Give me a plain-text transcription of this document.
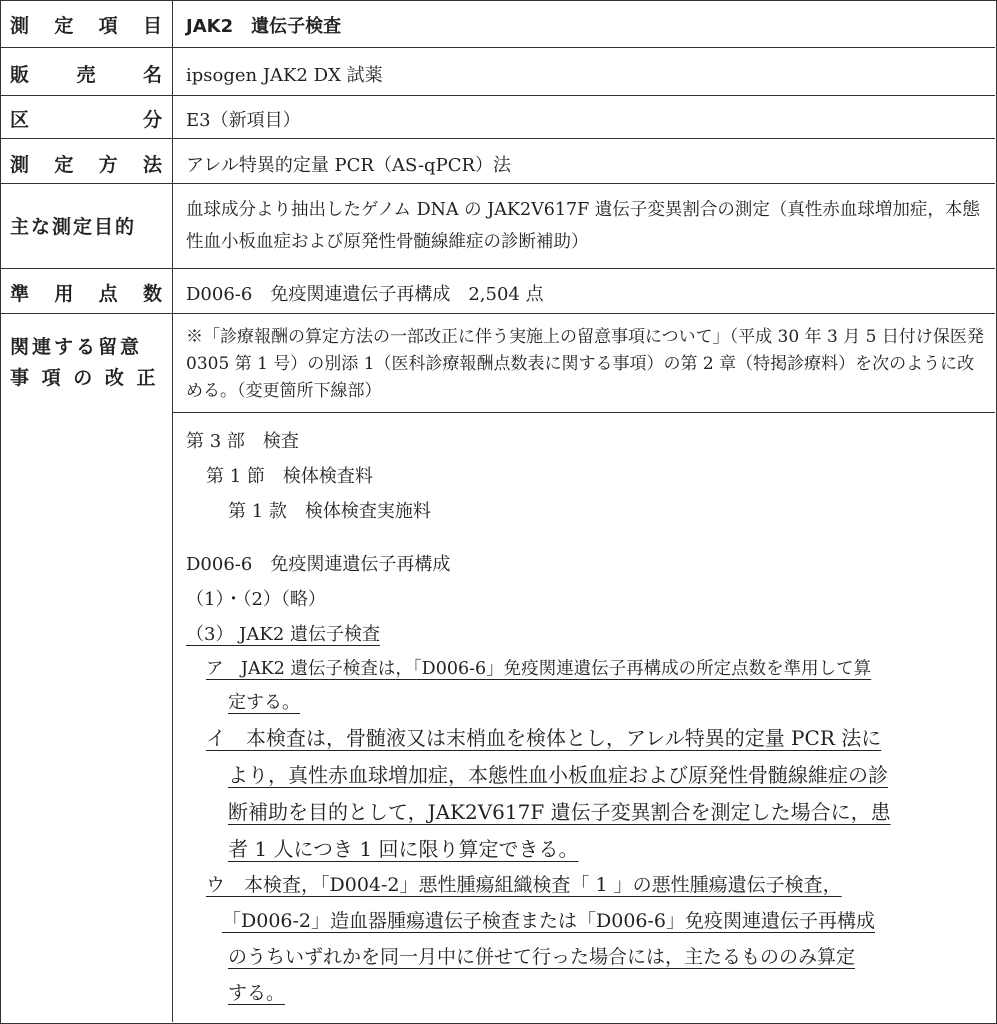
測 定 項 目 JAK2　遺伝子検査
販 売 名 ipsogen JAK2 DX 試薬
区	分 E3（新項目）
測 定 方 法 アレル特異的定量 PCR（AS-qPCR）法
主な測定目的
血球成分より抽出したゲノム DNA の JAK2V617F 遺伝子変異割合の測定（真性赤血球増加症，本態性血小板血症および原発性骨髄線維症の診断補助）
準 用 点 数 D006-6　免疫関連遺伝子再構成　2,504 点
関連する留意
事 項 の 改 正
※「診療報酬の算定方法の一部改正に伴う実施上の留意事項について」（平成 30 年 3 月 5 日付け保医発 0305 第 1 号）の別添 1（医科診療報酬点数表に関する事項）の第 2 章（特掲診療料）を次のように改める。（変更箇所下線部）
第 3 部　検査
第 1 節　検体検査料
第 1 款　検体検査実施料
D006-6　免疫関連遺伝子再構成
（1）・（2）（略）
（3） JAK2 遺伝子検査
ア　JAK2 遺伝子検査は，「D006-6」免疫関連遺伝子再構成の所定点数を準用して算
定する。
イ　本検査は，骨髄液又は末梢血を検体とし，アレル特異的定量 PCR 法に
より，真性赤血球増加症，本態性血小板血症および原発性骨髄線維症の診
断補助を目的として，JAK2V617F 遺伝子変異割合を測定した場合に，患
者 1 人につき 1 回に限り算定できる。
ウ　本検査，「D004-2」悪性腫瘍組織検査「 1 」の悪性腫瘍遺伝子検査，
「D006-2」造血器腫瘍遺伝子検査または「D006-6」免疫関連遺伝子再構成
のうちいずれかを同一月中に併せて行った場合には，主たるもののみ算定
する。
